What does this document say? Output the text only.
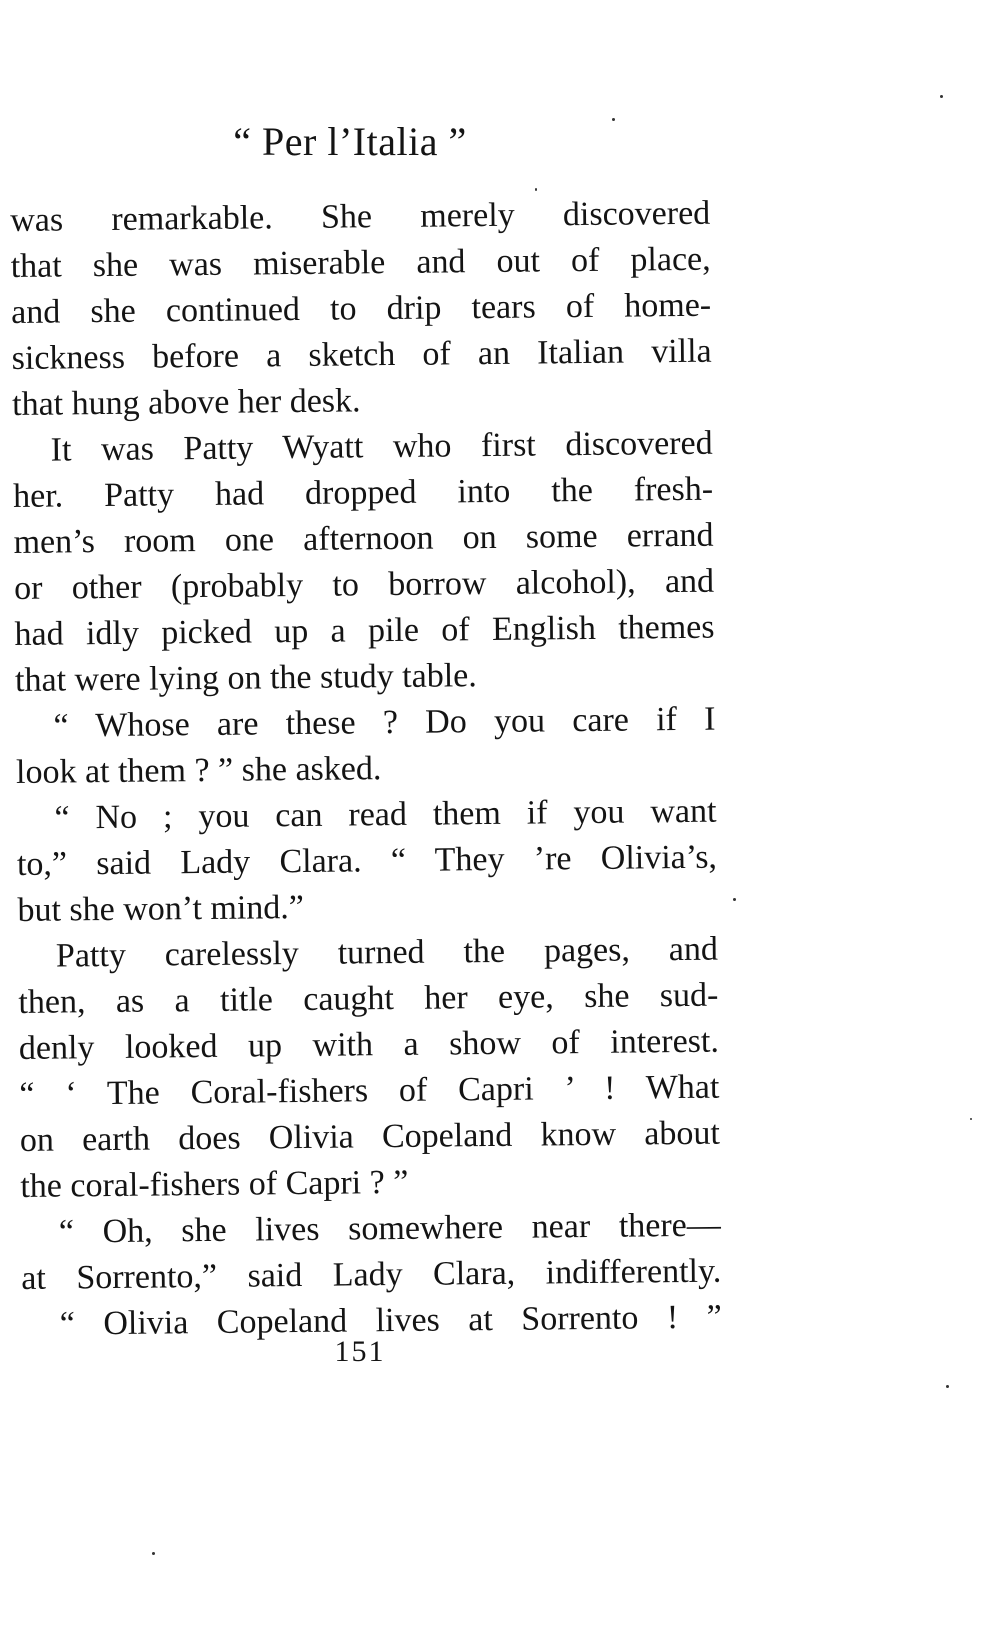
“ Per l’Italia ”
was remarkable. She merely discovered
that she was miserable and out of place,
and she continued to drip tears of home-
sickness before a sketch of an Italian villa
that hung above her desk.
It was Patty Wyatt who first discovered
her. Patty had dropped into the fresh-
men’s room one afternoon on some errand
or other (probably to borrow alcohol), and
had idly picked up a pile of English themes
that were lying on the study table.
“ Whose are these ? Do you care if I
look at them ? ” she asked.
“ No ; you can read them if you want
to,” said Lady Clara. “ They ’re Olivia’s,
but she won’t mind.”
Patty carelessly turned the pages, and
then, as a title caught her eye, she sud-
denly looked up with a show of interest.
“ ‘ The Coral-fishers of Capri ’ ! What
on earth does Olivia Copeland know about
the coral-fishers of Capri ? ”
“ Oh, she lives somewhere near there—
at Sorrento,” said Lady Clara, indifferently.
“ Olivia Copeland lives at Sorrento ! ”
151
